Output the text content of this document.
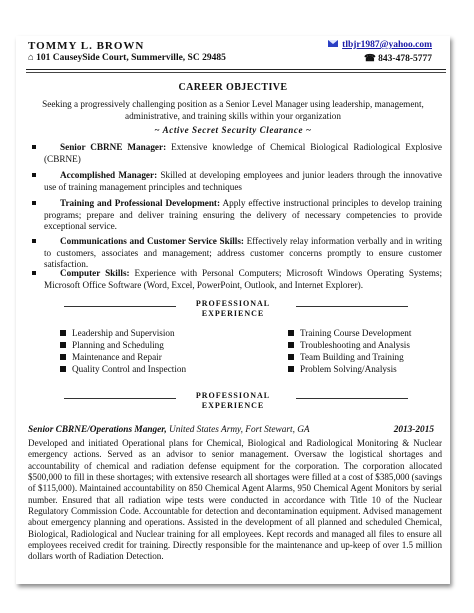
TOMMY L. BROWN
⌂ 101 CauseySide Court, Summerville, SC 29485
tlbjr1987@yahoo.com
☎ 843-478-5777
CAREER OBJECTIVE
Seeking a progressively challenging position as a Senior Level Manager using leadership, management, administrative, and training skills within your organization
~ Active Secret Security Clearance ~
Senior CBRNE Manager: Extensive knowledge of Chemical Biological Radiological Explosive (CBRNE)
Accomplished Manager: Skilled at developing employees and junior leaders through the innovative use of training management principles and techniques
Training and Professional Development: Apply effective instructional principles to develop training programs; prepare and deliver training ensuring the delivery of necessary competencies to provide exceptional service.
Communications and Customer Service Skills: Effectively relay information verbally and in writing to customers, associates and management; address customer concerns promptly to ensure customer satisfaction.
Computer Skills: Experience with Personal Computers; Microsoft Windows Operating Systems; Microsoft Office Software (Word, Excel, PowerPoint, Outlook, and Internet Explorer).
PROFESSIONAL
EXPERIENCE
Leadership and Supervision
Planning and Scheduling
Maintenance and Repair
Quality Control and Inspection
Training Course Development
Troubleshooting and Analysis
Team Building and Training
Problem Solving/Analysis
PROFESSIONAL
EXPERIENCE
Senior CBRNE/Operations Manger, United States Army, Fort Stewart, GA	2013-2015
Developed and initiated Operational plans for Chemical, Biological and Radiological Monitoring & Nuclear emergency actions. Served as an advisor to senior management. Oversaw the logistical shortages and accountability of chemical and radiation defense equipment for the corporation. The corporation allocated $500,000 to fill in these shortages; with extensive research all shortages were filled at a cost of $385,000 (savings of $115,000). Maintained accountability on 850 Chemical Agent Alarms, 950 Chemical Agent Monitors by serial number. Ensured that all radiation wipe tests were conducted in accordance with Title 10 of the Nuclear Regulatory Commission Code. Accountable for detection and decontamination equipment. Advised management about emergency planning and operations. Assisted in the development of all planned and scheduled Chemical, Biological, Radiological and Nuclear training for all employees. Kept records and managed all files to ensure all employees received credit for training. Directly responsible for the maintenance and up-keep of over 1.5 million dollars worth of Radiation Detection.
